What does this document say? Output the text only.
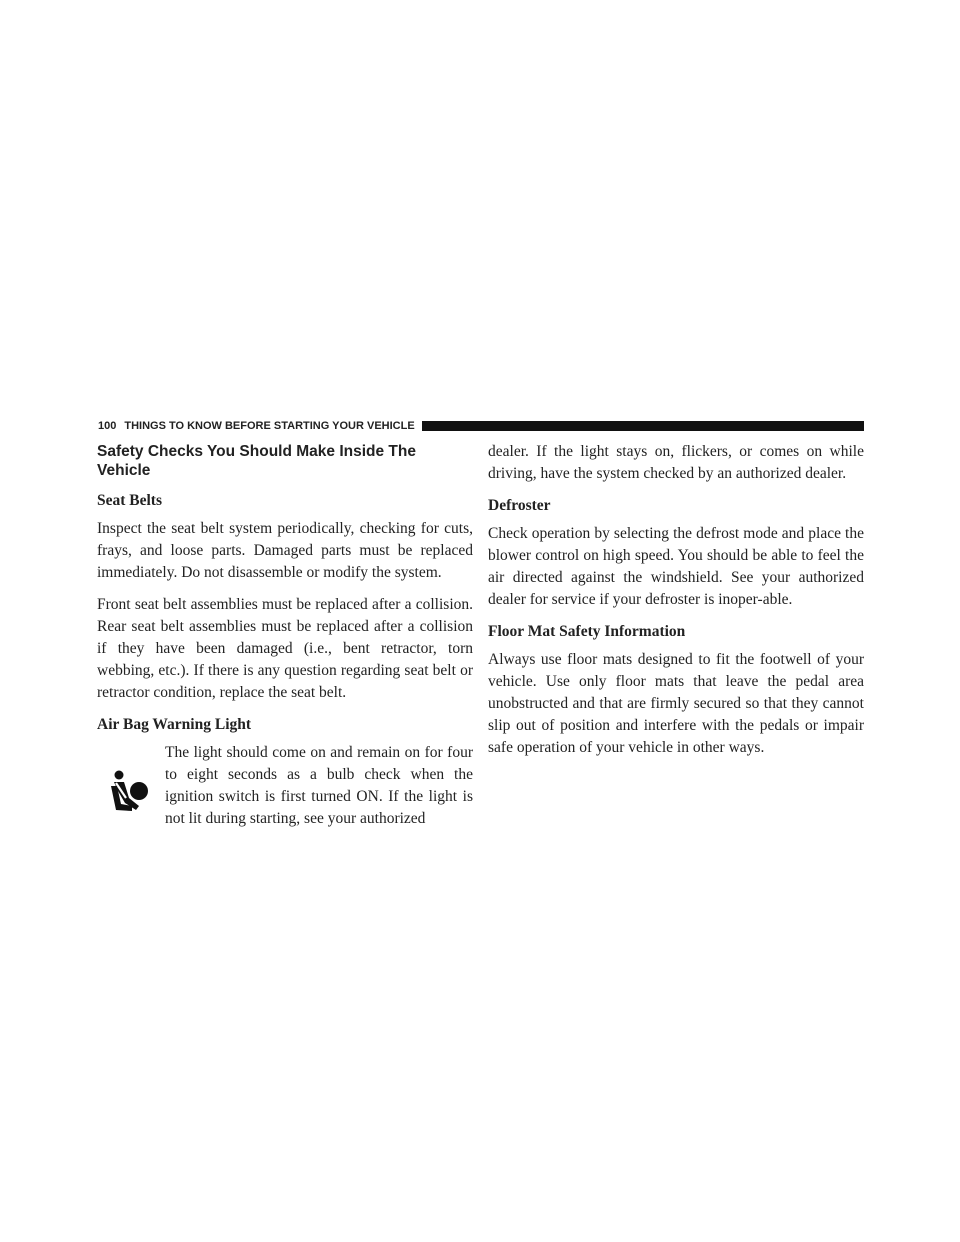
100 THINGS TO KNOW BEFORE STARTING YOUR VEHICLE
Safety Checks You Should Make Inside The Vehicle
Seat Belts

Inspect the seat belt system periodically, checking for cuts, frays, and loose parts. Damaged parts must be replaced immediately. Do not disassemble or modify the system.

Front seat belt assemblies must be replaced after a collision. Rear seat belt assemblies must be replaced after a collision if they have been damaged (i.e., bent retractor, torn webbing, etc.). If there is any question regarding seat belt or retractor condition, replace the seat belt.

Air Bag Warning Light

The light should come on and remain on for four to eight seconds as a bulb check when the ignition switch is first turned ON. If the light is not lit during starting, see your authorized

dealer. If the light stays on, flickers, or comes on while driving, have the system checked by an authorized dealer.

Defroster

Check operation by selecting the defrost mode and place the blower control on high speed. You should be able to feel the air directed against the windshield. See your authorized dealer for service if your defroster is inoper-able.

Floor Mat Safety Information

Always use floor mats designed to fit the footwell of your vehicle. Use only floor mats that leave the pedal area unobstructed and that are firmly secured so that they cannot slip out of position and interfere with the pedals or impair safe operation of your vehicle in other ways.
